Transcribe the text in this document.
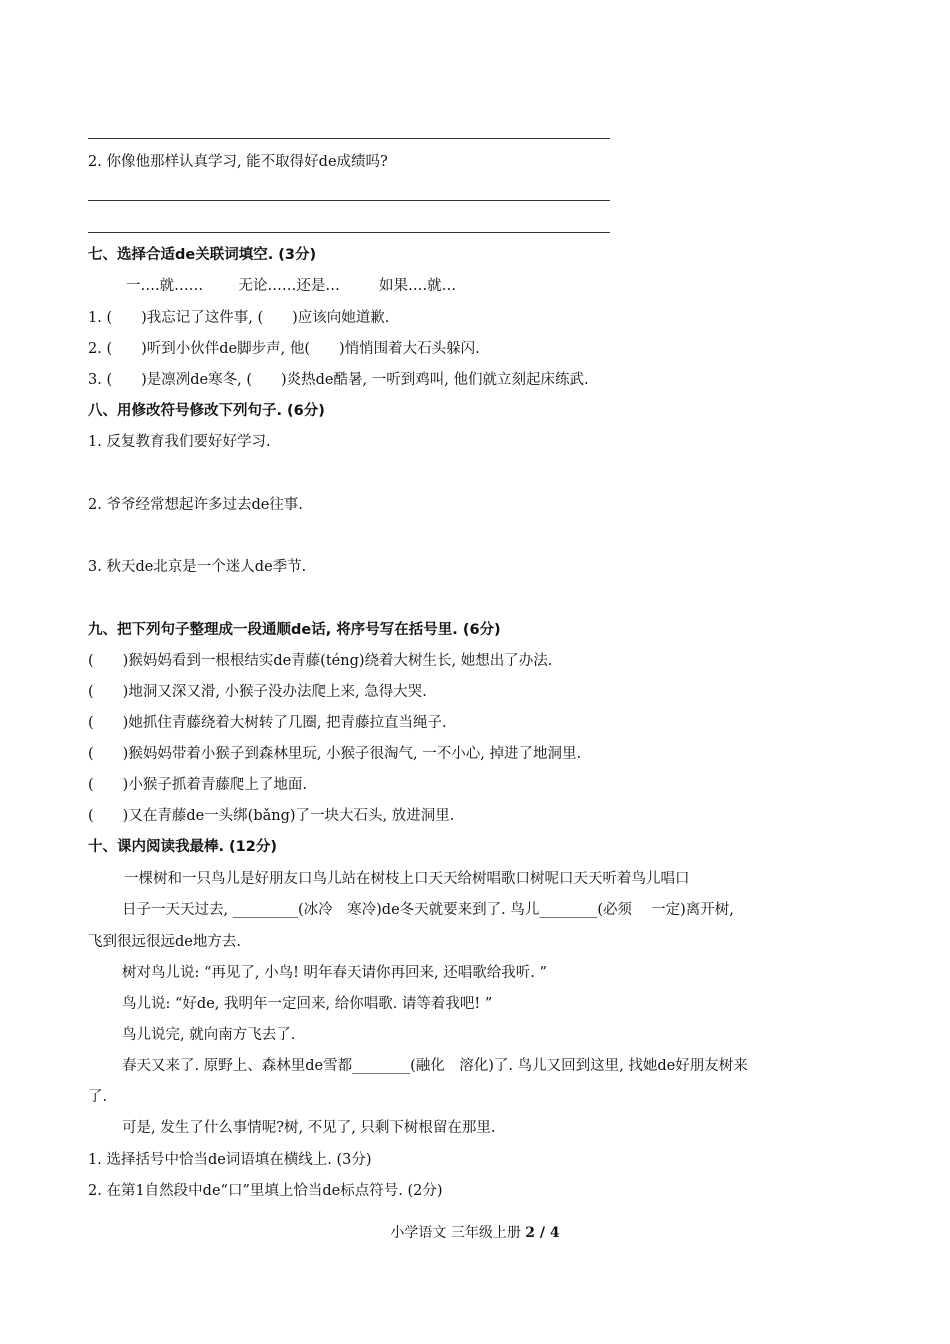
2. 你像他那样认真学习, 能不取得好de成绩吗?
七、选择合适de关联词填空. (3分)
一….就…… 无论……还是…	如果….就…
1. (　　)我忘记了这件事, (　　)应该向她道歉.
2. (　　)听到小伙伴de脚步声, 他(　　)悄悄围着大石头躲闪.
3. (　　)是凛冽de寒冬, (　　)炎热de酷暑, 一听到鸡叫, 他们就立刻起床练武.
八、用修改符号修改下列句子. (6分)
1. 反复教育我们要好好学习.
2. 爷爷经常想起许多过去de往事.
3. 秋天de北京是一个迷人de季节.
九、把下列句子整理成一段通顺de话, 将序号写在括号里. (6分)
(　　)猴妈妈看到一根根结实de青藤(téng)绕着大树生长, 她想出了办法.
(　　)地洞又深又滑, 小猴子没办法爬上来, 急得大哭.
(　　)她抓住青藤绕着大树转了几圈, 把青藤拉直当绳子.
(　　)猴妈妈带着小猴子到森林里玩, 小猴子很淘气, 一不小心, 掉进了地洞里.
(　　)小猴子抓着青藤爬上了地面.
(　　)又在青藤de一头绑(bǎng)了一块大石头, 放进洞里.
十、课内阅读我最棒. (12分)
一棵树和一只鸟儿是好朋友口鸟儿站在树枝上口天天给树唱歌口树呢口天天听着鸟儿唱口
日子一天天过去, _________(冰冷　寒冷)de冬天就要来到了. 鸟儿________(必须　 一定)离开树,
飞到很远很远de地方去.
树对鸟儿说: “再见了, 小鸟! 明年春天请你再回来, 还唱歌给我听. ”
鸟儿说: “好de, 我明年一定回来, 给你唱歌. 请等着我吧! ”
鸟儿说完, 就向南方飞去了.
春天又来了. 原野上、森林里de雪都________(融化　溶化)了. 鸟儿又回到这里, 找她de好朋友树来
了.
可是, 发生了什么事情呢?树, 不见了, 只剩下树根留在那里.
1. 选择括号中恰当de词语填在横线上. (3分)
2. 在第1自然段中de“口”里填上恰当de标点符号. (2分)
小学语文 三年级上册 2 / 4
